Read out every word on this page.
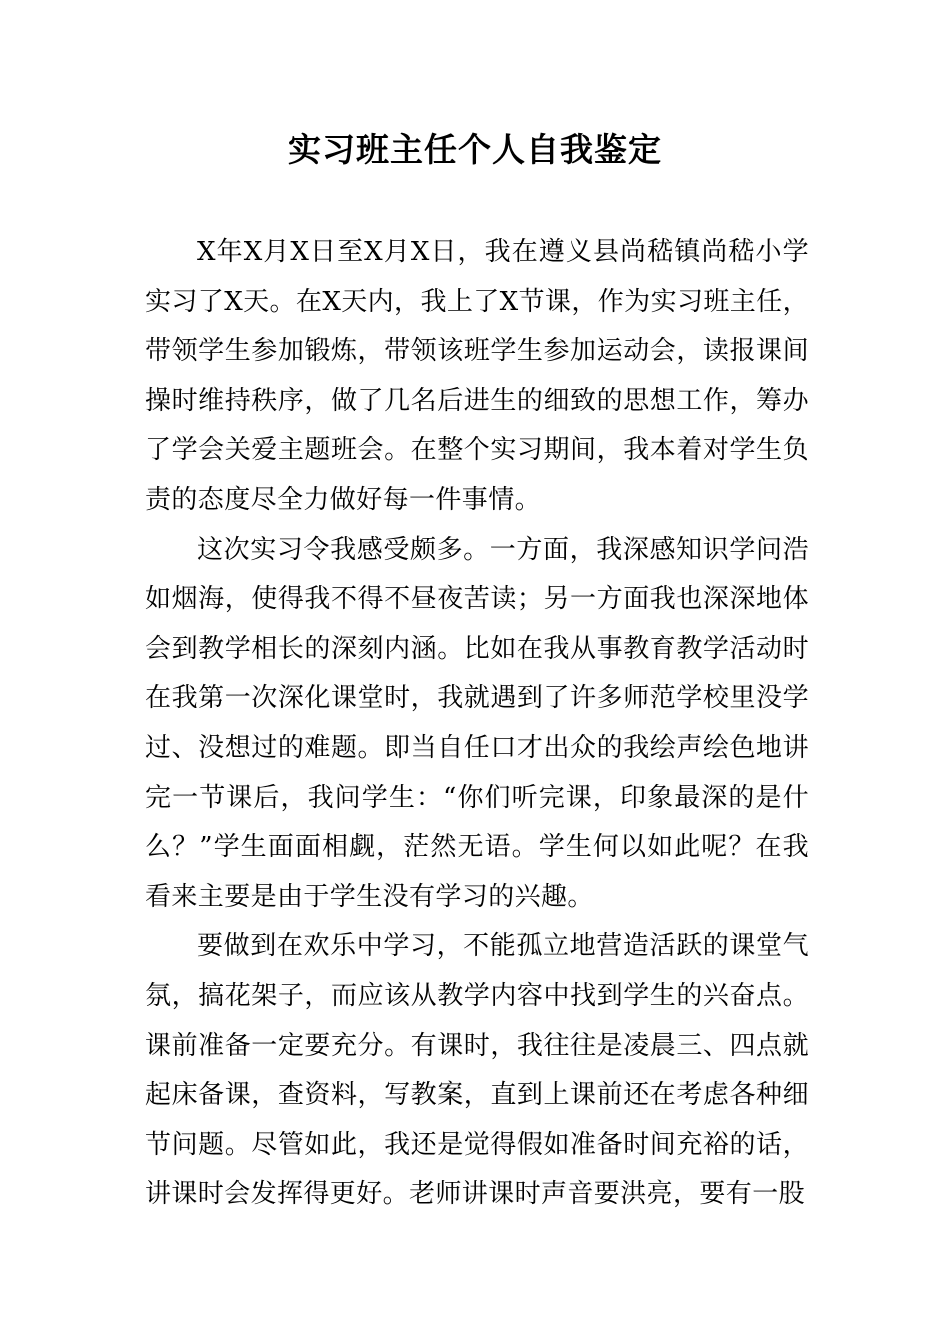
实习班主任个人自我鉴定

X年X月X日至X月X日，我在遵义县尚嵇镇尚嵇小学实习了X天。在X天内，我上了X节课，作为实习班主任，带领学生参加锻炼，带领该班学生参加运动会，读报课间操时维持秩序，做了几名后进生的细致的思想工作，筹办了学会关爱主题班会。在整个实习期间，我本着对学生负责的态度尽全力做好每一件事情。

这次实习令我感受颇多。一方面，我深感知识学问浩如烟海，使得我不得不昼夜苦读；另一方面我也深深地体会到教学相长的深刻内涵。比如在我从事教育教学活动时在我第一次深化课堂时，我就遇到了许多师范学校里没学过、没想过的难题。即当自任口才出众的我绘声绘色地讲完一节课后，我问学生：“你们听完课，印象最深的是什么？”学生面面相觑，茫然无语。学生何以如此呢？在我看来主要是由于学生没有学习的兴趣。

要做到在欢乐中学习，不能孤立地营造活跃的课堂气氛，搞花架子，而应该从教学内容中找到学生的兴奋点。课前准备一定要充分。有课时，我往往是凌晨三、四点就起床备课，查资料，写教案，直到上课前还在考虑各种细节问题。尽管如此，我还是觉得假如准备时间充裕的话，讲课时会发挥得更好。老师讲课时声音要洪亮，要有一股
